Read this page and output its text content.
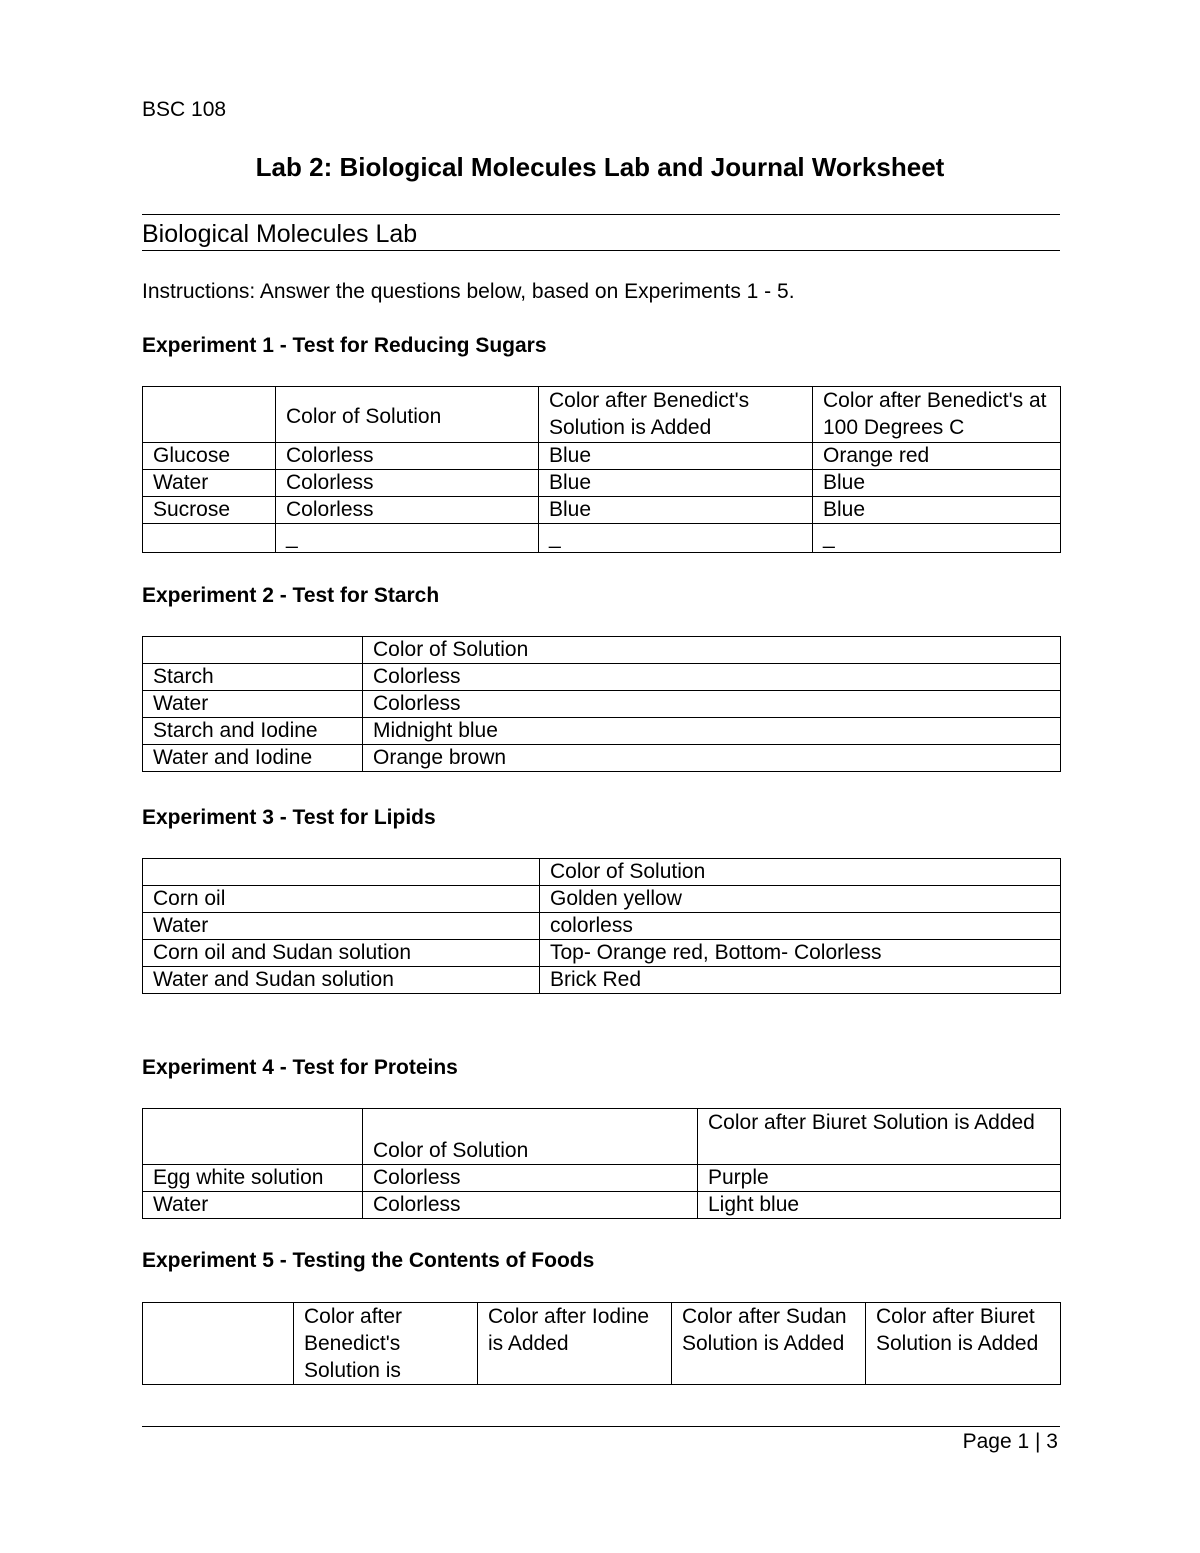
BSC 108
Lab 2: Biological Molecules Lab and Journal Worksheet
Biological Molecules Lab
Instructions: Answer the questions below, based on Experiments 1 - 5.
Experiment 1 - Test for Reducing Sugars
	Color of Solution	Color after Benedict's Solution is Added	Color after Benedict's at 100 Degrees C
Glucose	Colorless	Blue	Orange red
Water	Colorless	Blue	Blue
Sucrose	Colorless	Blue	Blue
	_	_	_
Experiment 2 - Test for Starch
	Color of Solution
Starch	Colorless
Water	Colorless
Starch and Iodine	Midnight blue
Water and Iodine	Orange brown
Experiment 3 - Test for Lipids
	Color of Solution
Corn oil	Golden yellow
Water	colorless
Corn oil and Sudan solution	Top- Orange red, Bottom- Colorless
Water and Sudan solution	Brick Red
Experiment 4 - Test for Proteins
	Color of Solution	Color after Biuret Solution is Added
Egg white solution	Colorless	Purple
Water	Colorless	Light blue
Experiment 5 - Testing the Contents of Foods
	Color after Benedict's Solution is	Color after Iodine is Added	Color after Sudan Solution is Added	Color after Biuret Solution is Added
Page 1 | 3
